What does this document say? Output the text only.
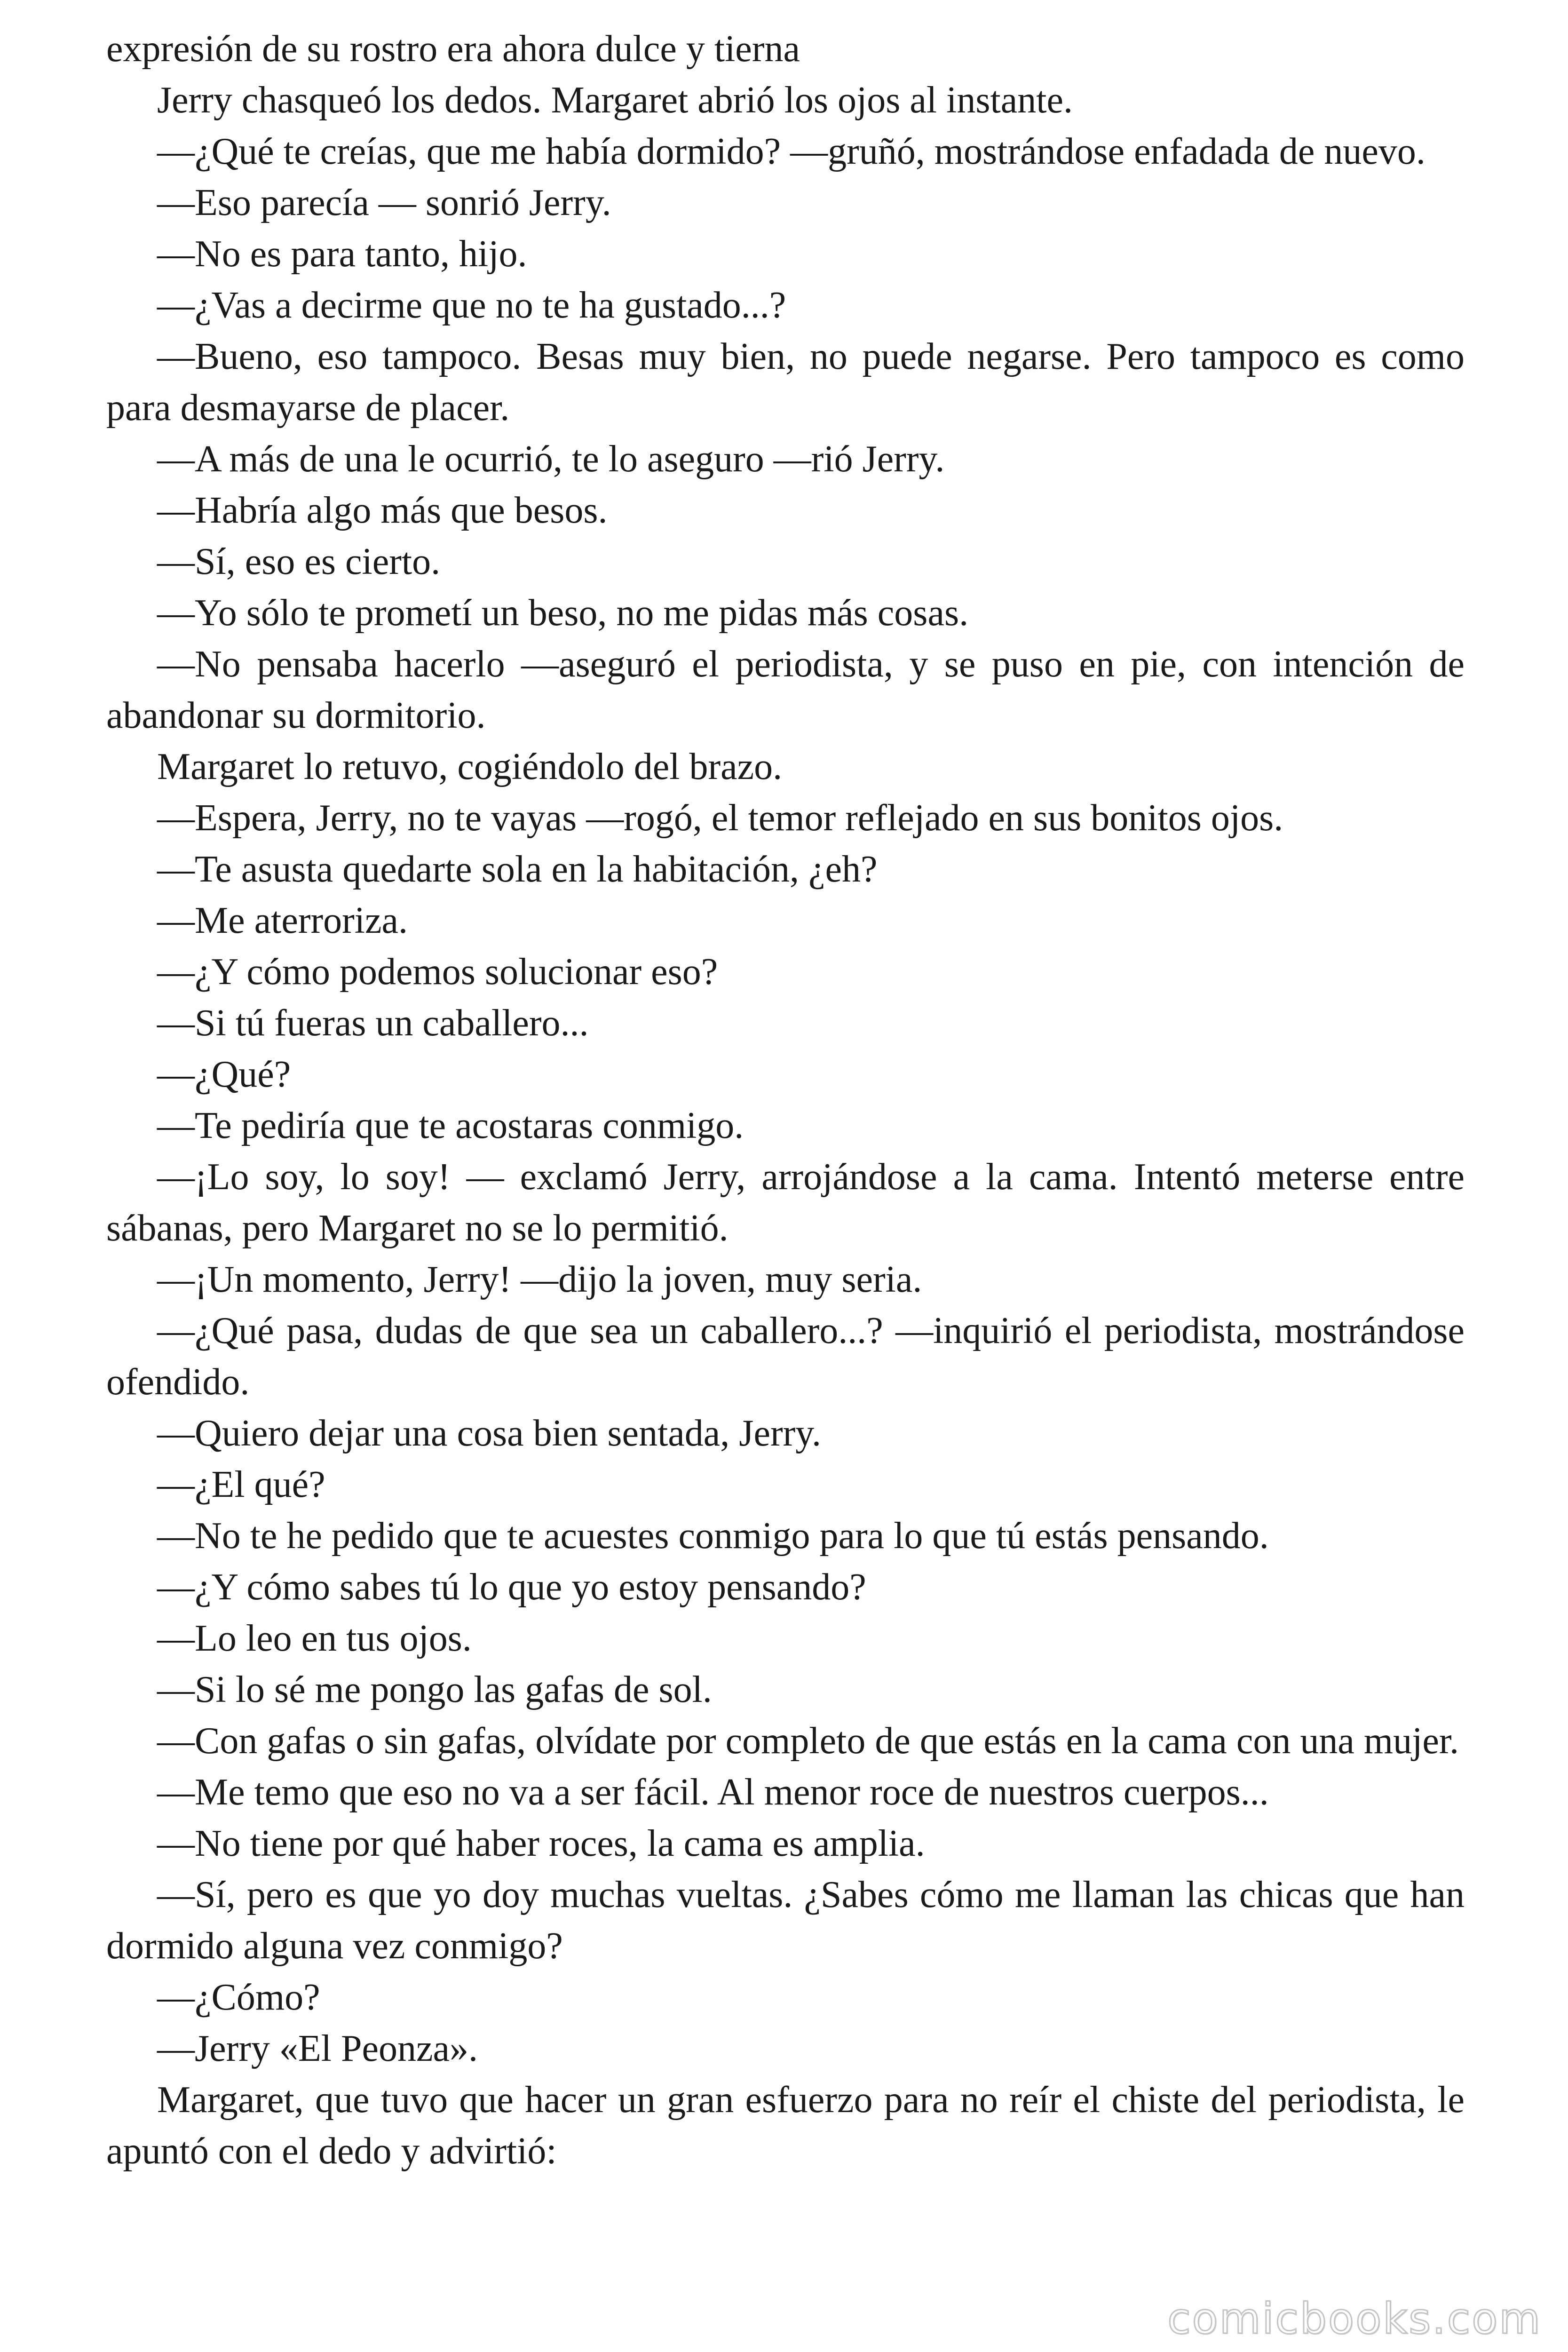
expresión de su rostro era ahora dulce y tierna

Jerry chasqueó los dedos. Margaret abrió los ojos al instante.

—¿Qué te creías, que me había dormido? —gruñó, mostrándose enfadada de nuevo.

—Eso parecía — sonrió Jerry.

—No es para tanto, hijo.

—¿Vas a decirme que no te ha gustado...?

—Bueno, eso tampoco. Besas muy bien, no puede negarse. Pero tampoco es como para desmayarse de placer.

—A más de una le ocurrió, te lo aseguro —rió Jerry.

—Habría algo más que besos.

—Sí, eso es cierto.

—Yo sólo te prometí un beso, no me pidas más cosas.

—No pensaba hacerlo —aseguró el periodista, y se puso en pie, con intención de abandonar su dormitorio.

Margaret lo retuvo, cogiéndolo del brazo.

—Espera, Jerry, no te vayas —rogó, el temor reflejado en sus bonitos ojos.

—Te asusta quedarte sola en la habitación, ¿eh?

—Me aterroriza.

—¿Y cómo podemos solucionar eso?

—Si tú fueras un caballero...

—¿Qué?

—Te pediría que te acostaras conmigo.

—¡Lo soy, lo soy! — exclamó Jerry, arrojándose a la cama. Intentó meterse entre sábanas, pero Margaret no se lo permitió.

—¡Un momento, Jerry! —dijo la joven, muy seria.

—¿Qué pasa, dudas de que sea un caballero...? —inquirió el periodista, mostrándose ofendido.

—Quiero dejar una cosa bien sentada, Jerry.

—¿El qué?

—No te he pedido que te acuestes conmigo para lo que tú estás pensando.

—¿Y cómo sabes tú lo que yo estoy pensando?

—Lo leo en tus ojos.

—Si lo sé me pongo las gafas de sol.

—Con gafas o sin gafas, olvídate por completo de que estás en la cama con una mujer.

—Me temo que eso no va a ser fácil. Al menor roce de nuestros cuerpos...

—No tiene por qué haber roces, la cama es amplia.

—Sí, pero es que yo doy muchas vueltas. ¿Sabes cómo me llaman las chicas que han dormido alguna vez conmigo?

—¿Cómo?

—Jerry «El Peonza».

Margaret, que tuvo que hacer un gran esfuerzo para no reír el chiste del periodista, le apuntó con el dedo y advirtió:

comicbooks.com
